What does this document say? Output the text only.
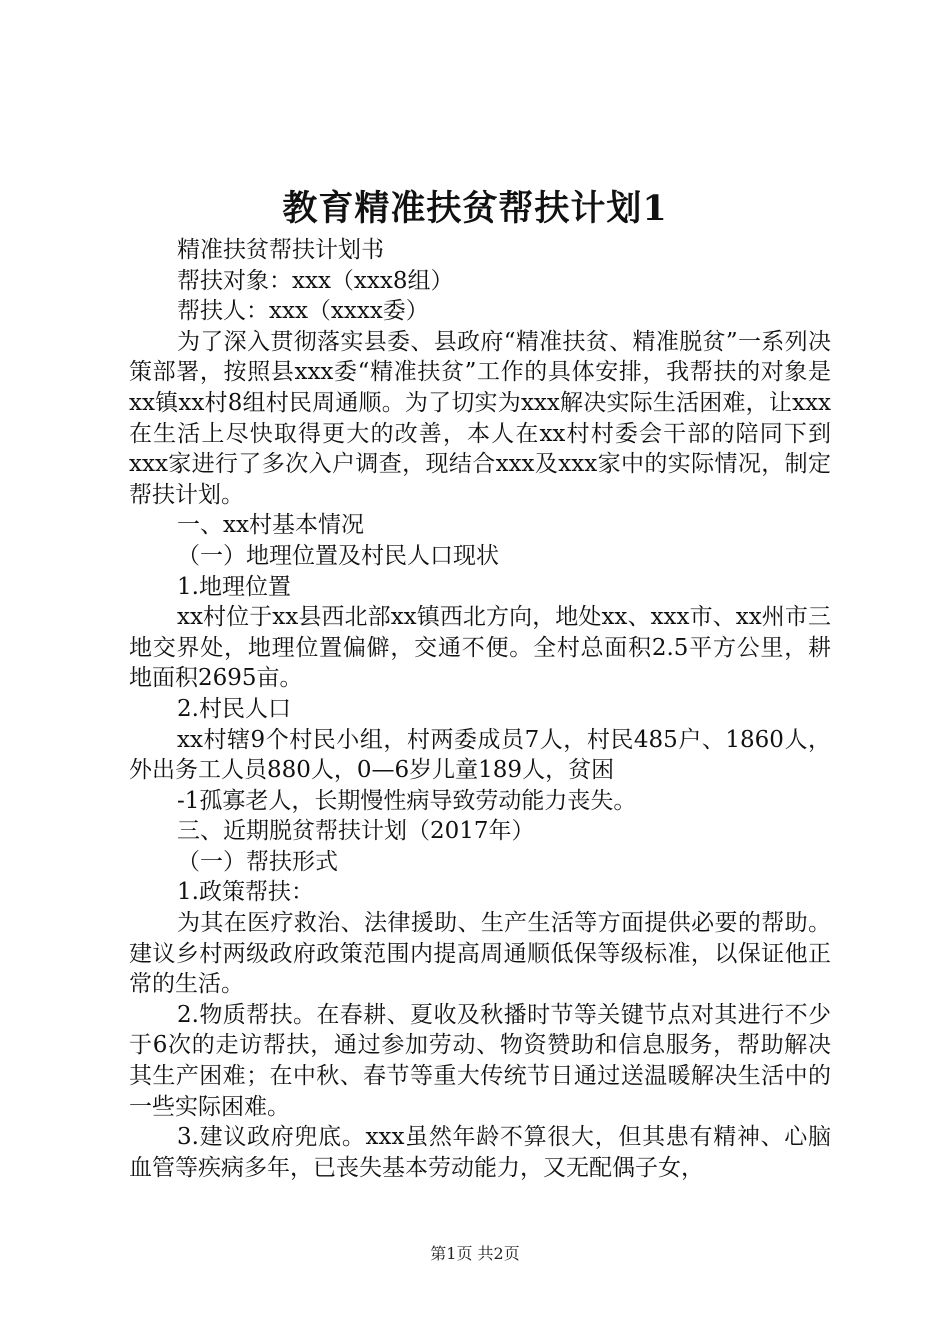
教育精准扶贫帮扶计划1

精准扶贫帮扶计划书

帮扶对象：xxx（xxx8组）

帮扶人：xxx（xxxx委）

为了深入贯彻落实县委、县政府“精准扶贫、精准脱贫”一系列决策部署，按照县xxx委“精准扶贫”工作的具体安排，我帮扶的对象是xx镇xx村8组村民周通顺。为了切实为xxx解决实际生活困难，让xxx在生活上尽快取得更大的改善，本人在xx村村委会干部的陪同下到xxx家进行了多次入户调查，现结合xxx及xxx家中的实际情况，制定帮扶计划。

一、xx村基本情况

（一）地理位置及村民人口现状

1.地理位置

xx村位于xx县西北部xx镇西北方向，地处xx、xxx市、xx州市三地交界处，地理位置偏僻，交通不便。全村总面积2.5平方公里，耕地面积2695亩。

2.村民人口

xx村辖9个村民小组，村两委成员7人，村民485户、1860人，外出务工人员880人，0—6岁儿童189人，贫困

-1孤寡老人，长期慢性病导致劳动能力丧失。

三、近期脱贫帮扶计划（2017年）

（一）帮扶形式

1.政策帮扶：

为其在医疗救治、法律援助、生产生活等方面提供必要的帮助。建议乡村两级政府政策范围内提高周通顺低保等级标准，以保证他正常的生活。

2.物质帮扶。在春耕、夏收及秋播时节等关键节点对其进行不少于6次的走访帮扶，通过参加劳动、物资赞助和信息服务，帮助解决其生产困难；在中秋、春节等重大传统节日通过送温暖解决生活中的一些实际困难。

3.建议政府兜底。xxx虽然年龄不算很大，但其患有精神、心脑血管等疾病多年，已丧失基本劳动能力，又无配偶子女，

第1页 共2页
